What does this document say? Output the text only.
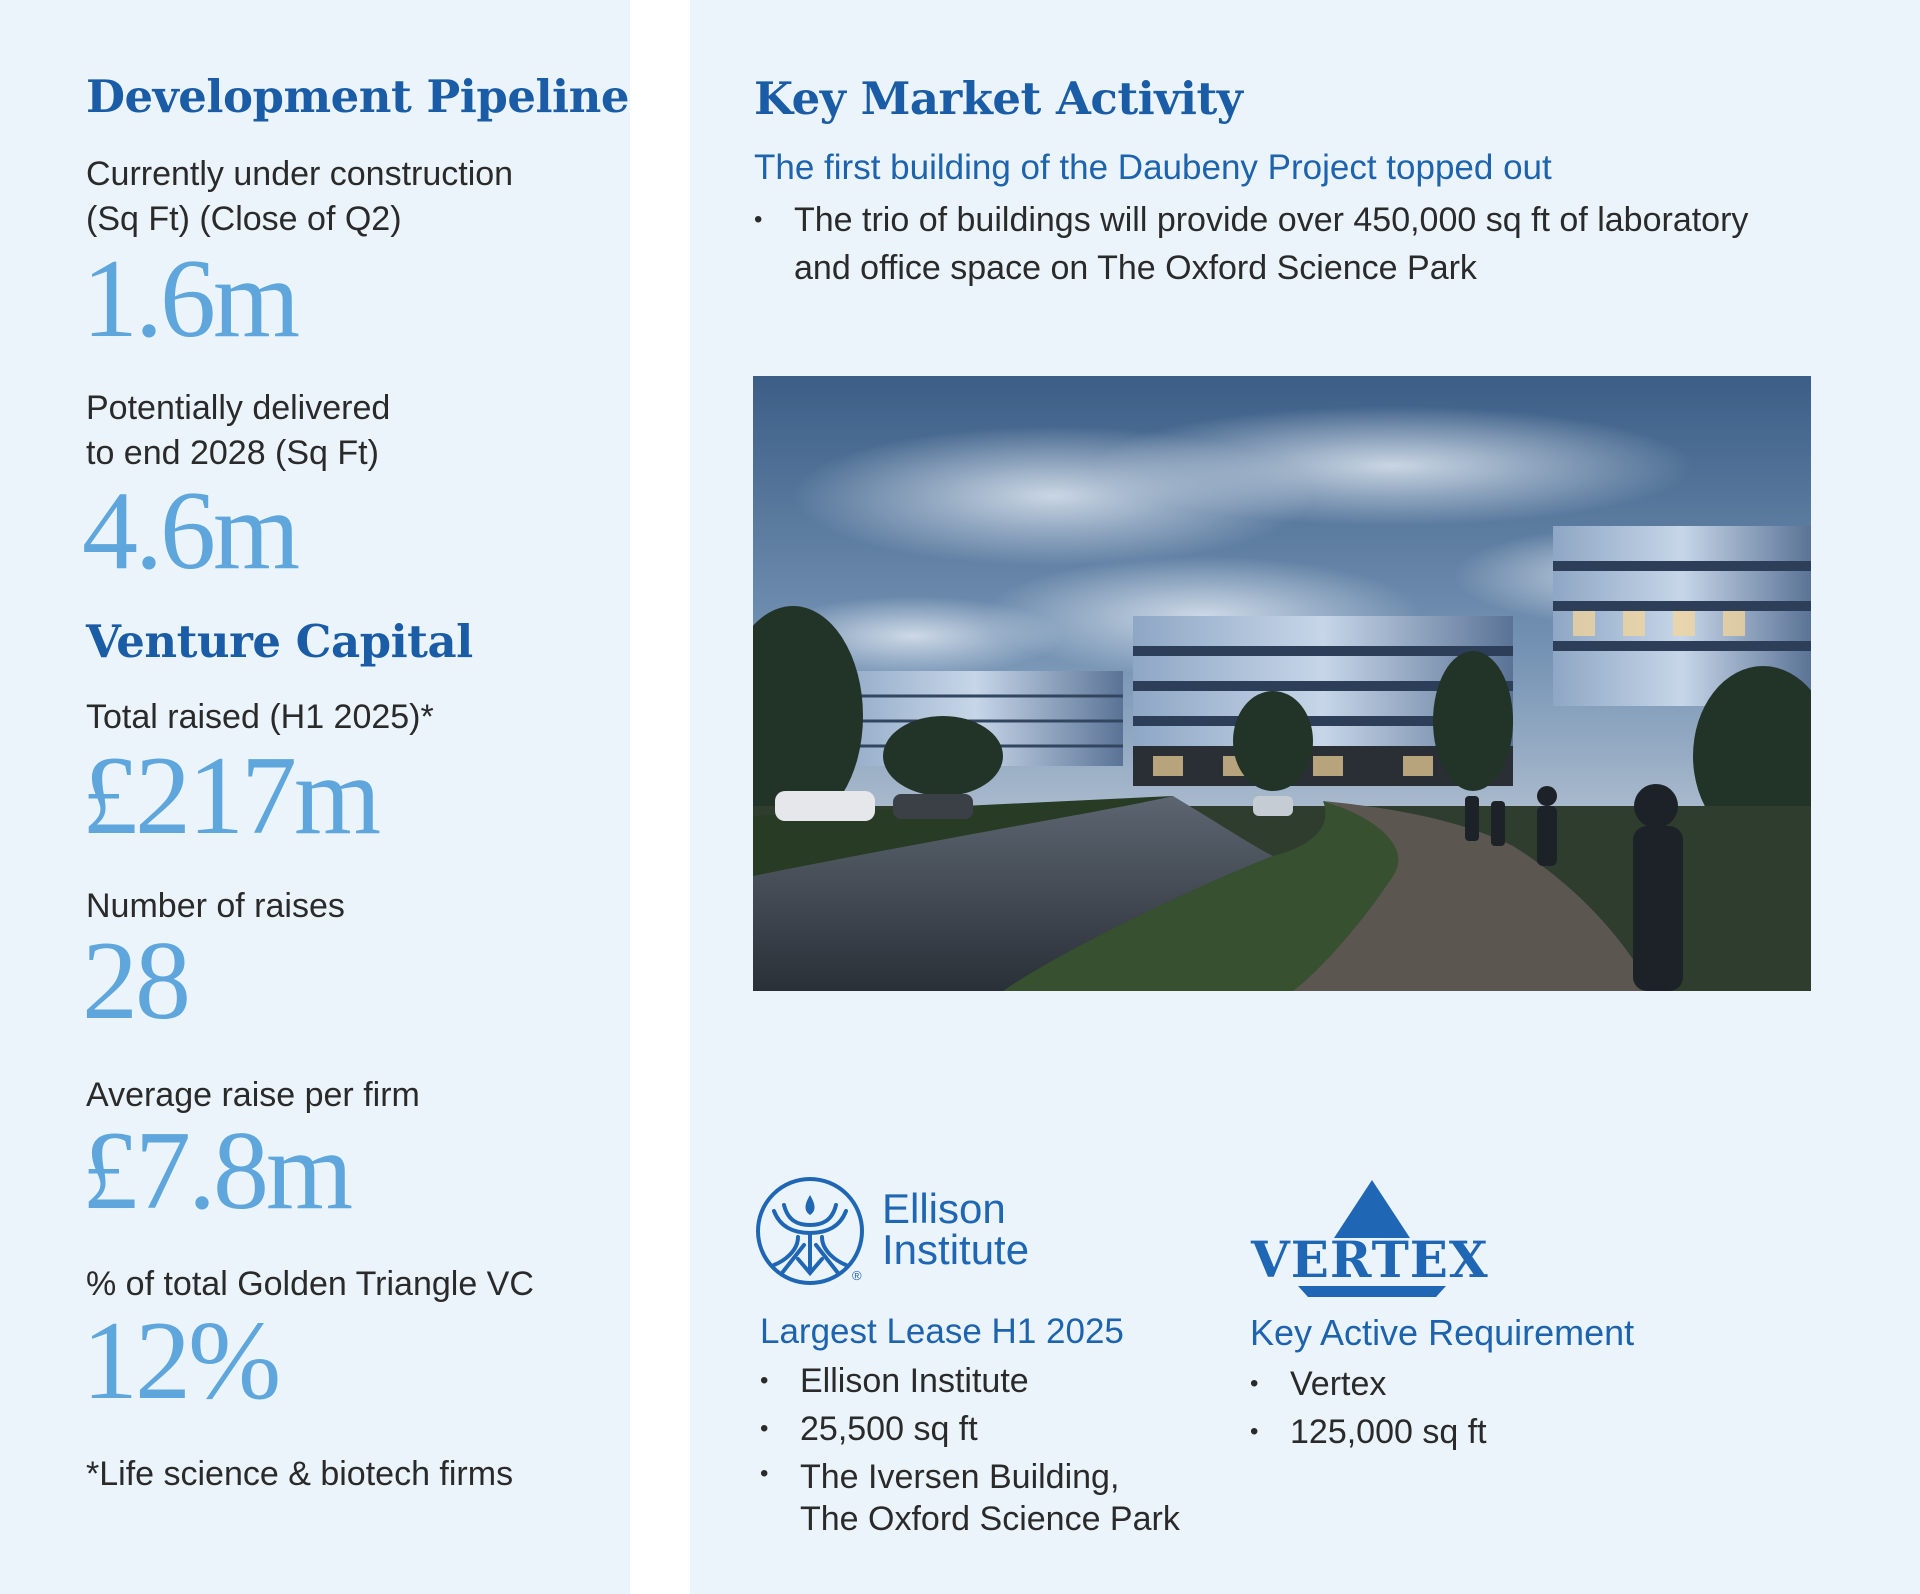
Development Pipeline

Currently under construction
(Sq Ft) (Close of Q2)

1.6m

Potentially delivered
to end 2028 (Sq Ft)

4.6m

Venture Capital

Total raised (H1 2025)*

£217m

Number of raises

28

Average raise per firm

£7.8m

% of total Golden Triangle VC

12%

*Life science & biotech firms

Key Market Activity

The first building of the Daubeny Project topped out

• The trio of buildings will provide over 450,000 sq ft of laboratory
and office space on The Oxford Science Park
®
Ellison
Institute

Largest Lease H1 2025

• Ellison Institute
• 25,500 sq ft
• The Iversen Building,
The Oxford Science Park
VERTEX

Key Active Requirement

• Vertex
• 125,000 sq ft
